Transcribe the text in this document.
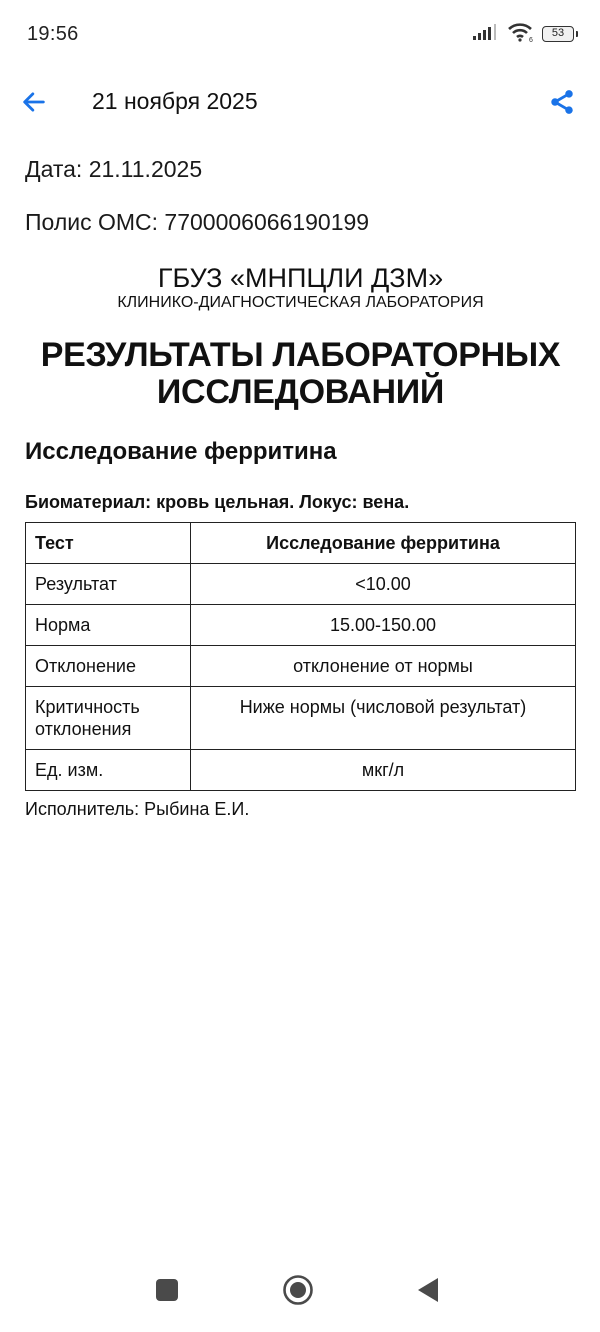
19:56	6
53
21 ноября 2025
Дата: 21.11.2025
Полис ОМС: 7700006066190199
ГБУЗ «МНПЦЛИ ДЗМ»
КЛИНИКО-ДИАГНОСТИЧЕСКАЯ ЛАБОРАТОРИЯ
РЕЗУЛЬТАТЫ ЛАБОРАТОРНЫХ
ИССЛЕДОВАНИЙ
Исследование ферритина
Биоматериал: кровь цельная. Локус: вена.
Тест	Исследование ферритина
Результат	<10.00
Норма	15.00-150.00
Отклонение	отклонение от нормы
Критичность отклонения	Ниже нормы (числовой результат)
Ед. изм.	мкг/л
Исполнитель: Рыбина Е.И.
